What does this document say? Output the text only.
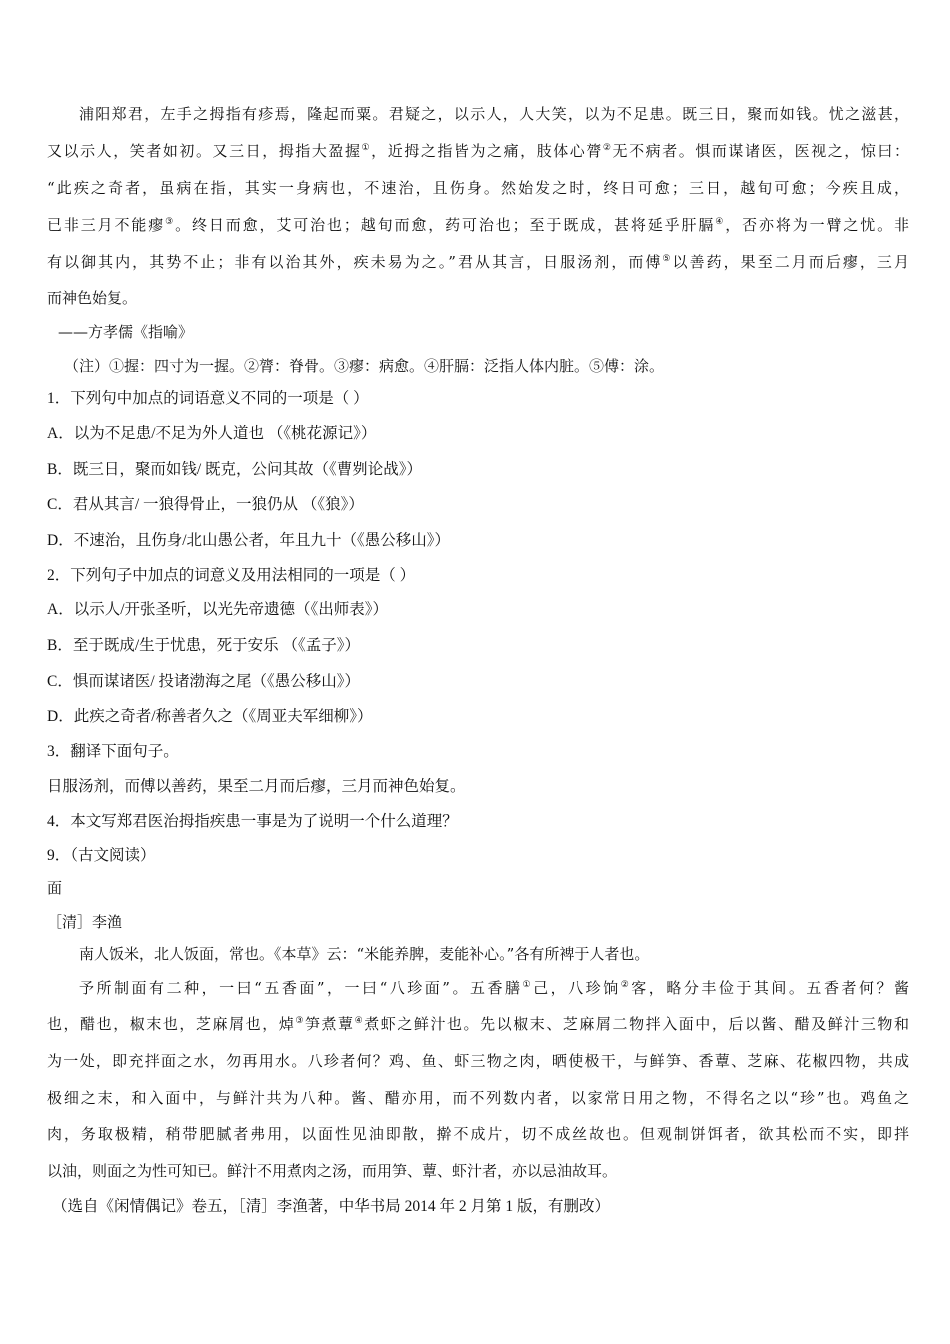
浦阳郑君，左手之拇指有疹焉，隆起而粟。君疑之，以示人，人大笑，以为不足患。既三日，聚而如钱。忧之滋甚，
又以示人，笑者如初。又三日，拇指大盈握①，近拇之指皆为之痛，肢体心膂②无不病者。惧而谋诸医，医视之，惊曰：
“此疾之奇者，虽病在指，其实一身病也，不速治，且伤身。然始发之时，终日可愈；三日，越旬可愈；今疾且成，
已非三月不能瘳③。终日而愈，艾可治也；越旬而愈，药可治也；至于既成，甚将延乎肝膈④，否亦将为一臂之忧。非
有以御其内，其势不止；非有以治其外，疾未易为之。”君从其言，日服汤剂，而傅⑤以善药，果至二月而后瘳，三月
而神色始复。
——方孝儒《指喻》
（注）①握：四寸为一握。②膂：脊骨。③瘳：病愈。④肝膈：泛指人体内脏。⑤傅：涂。
1．下列句中加点的词语意义不同的一项是（ ）
A．以为不足患/不足为外人道也 （《桃花源记》）
B．既三日，聚而如钱/ 既克，公问其故（《曹刿论战》）
C．君从其言/ 一狼得骨止，一狼仍从 （《狼》）
D．不速治，且伤身/北山愚公者，年且九十（《愚公移山》）
2．下列句子中加点的词意义及用法相同的一项是（ ）
A．以示人/开张圣听，以光先帝遗德（《出师表》）
B．至于既成/生于忧患，死于安乐 （《孟子》）
C．惧而谋诸医/ 投诸渤海之尾（《愚公移山》）
D．此疾之奇者/称善者久之（《周亚夫军细柳》）
3．翻译下面句子。
日服汤剂，而傅以善药，果至二月而后瘳，三月而神色始复。
4．本文写郑君医治拇指疾患一事是为了说明一个什么道理？
9．（古文阅读）
面
［清］李渔
南人饭米，北人饭面，常也。《本草》云：“米能养脾，麦能补心。”各有所裨于人者也。
予所制面有二种，一曰“五香面”，一曰“八珍面”。五香膳①己，八珍饷②客，略分丰俭于其间。五香者何？酱
也，醋也，椒末也，芝麻屑也，焯③笋煮蕈④煮虾之鲜汁也。先以椒末、芝麻屑二物拌入面中，后以酱、醋及鲜汁三物和
为一处，即充拌面之水，勿再用水。八珍者何？鸡、鱼、虾三物之肉，晒使极干，与鲜笋、香蕈、芝麻、花椒四物，共成
极细之末，和入面中，与鲜汁共为八种。酱、醋亦用，而不列数内者，以家常日用之物，不得名之以“珍”也。鸡鱼之
肉，务取极精，稍带肥腻者弗用，以面性见油即散，擀不成片，切不成丝故也。但观制饼饵者，欲其松而不实，即拌
以油，则面之为性可知已。鲜汁不用煮肉之汤，而用笋、蕈、虾汁者，亦以忌油故耳。
（选自《闲情偶记》卷五，［清］李渔著，中华书局 2014 年 2 月第 1 版，有删改）
